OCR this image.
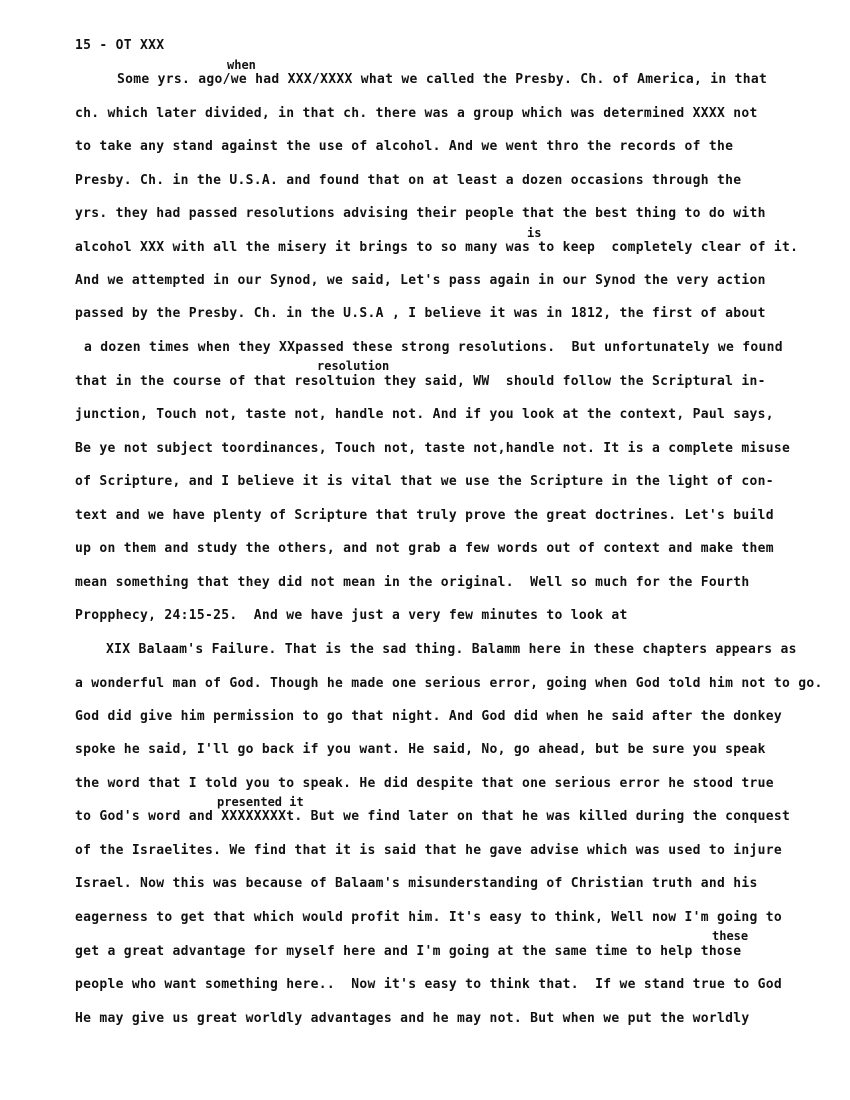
15 - OT XXX
when
is
resolution
presented it
these
Some yrs. ago/we had XXX/XXXX what we called the Presby. Ch. of America, in that
ch. which later divided, in that ch. there was a group which was determined XXXX not
to take any stand against the use of alcohol. And we went thro the records of the
Presby. Ch. in the U.S.A. and found that on at least a dozen occasions through the
yrs. they had passed resolutions advising their people that the best thing to do with
alcohol XXX with all the misery it brings to so many was to keep  completely clear of it.
And we attempted in our Synod, we said, Let's pass again in our Synod the very action
passed by the Presby. Ch. in the U.S.A , I believe it was in 1812, the first of about
a dozen times when they XXpassed these strong resolutions.  But unfortunately we found
that in the course of that resoltuion they said, WW  should follow the Scriptural in-
junction, Touch not, taste not, handle not. And if you look at the context, Paul says,
Be ye not subject toordinances, Touch not, taste not,handle not. It is a complete misuse
of Scripture, and I believe it is vital that we use the Scripture in the light of con-
text and we have plenty of Scripture that truly prove the great doctrines. Let's build
up on them and study the others, and not grab a few words out of context and make them
mean something that they did not mean in the original.  Well so much for the Fourth
Propphecy, 24:15-25.  And we have just a very few minutes to look at
XIX Balaam's Failure. That is the sad thing. Balamm here in these chapters appears as
a wonderful man of God. Though he made one serious error, going when God told him not to go.
God did give him permission to go that night. And God did when he said after the donkey
spoke he said, I'll go back if you want. He said, No, go ahead, but be sure you speak
the word that I told you to speak. He did despite that one serious error he stood true
to God's word and XXXXXXXXt. But we find later on that he was killed during the conquest
of the Israelites. We find that it is said that he gave advise which was used to injure
Israel. Now this was because of Balaam's misunderstanding of Christian truth and his
eagerness to get that which would profit him. It's easy to think, Well now I'm going to
get a great advantage for myself here and I'm going at the same time to help those
people who want something here..  Now it's easy to think that.  If we stand true to God
He may give us great worldly advantages and he may not. But when we put the worldly
